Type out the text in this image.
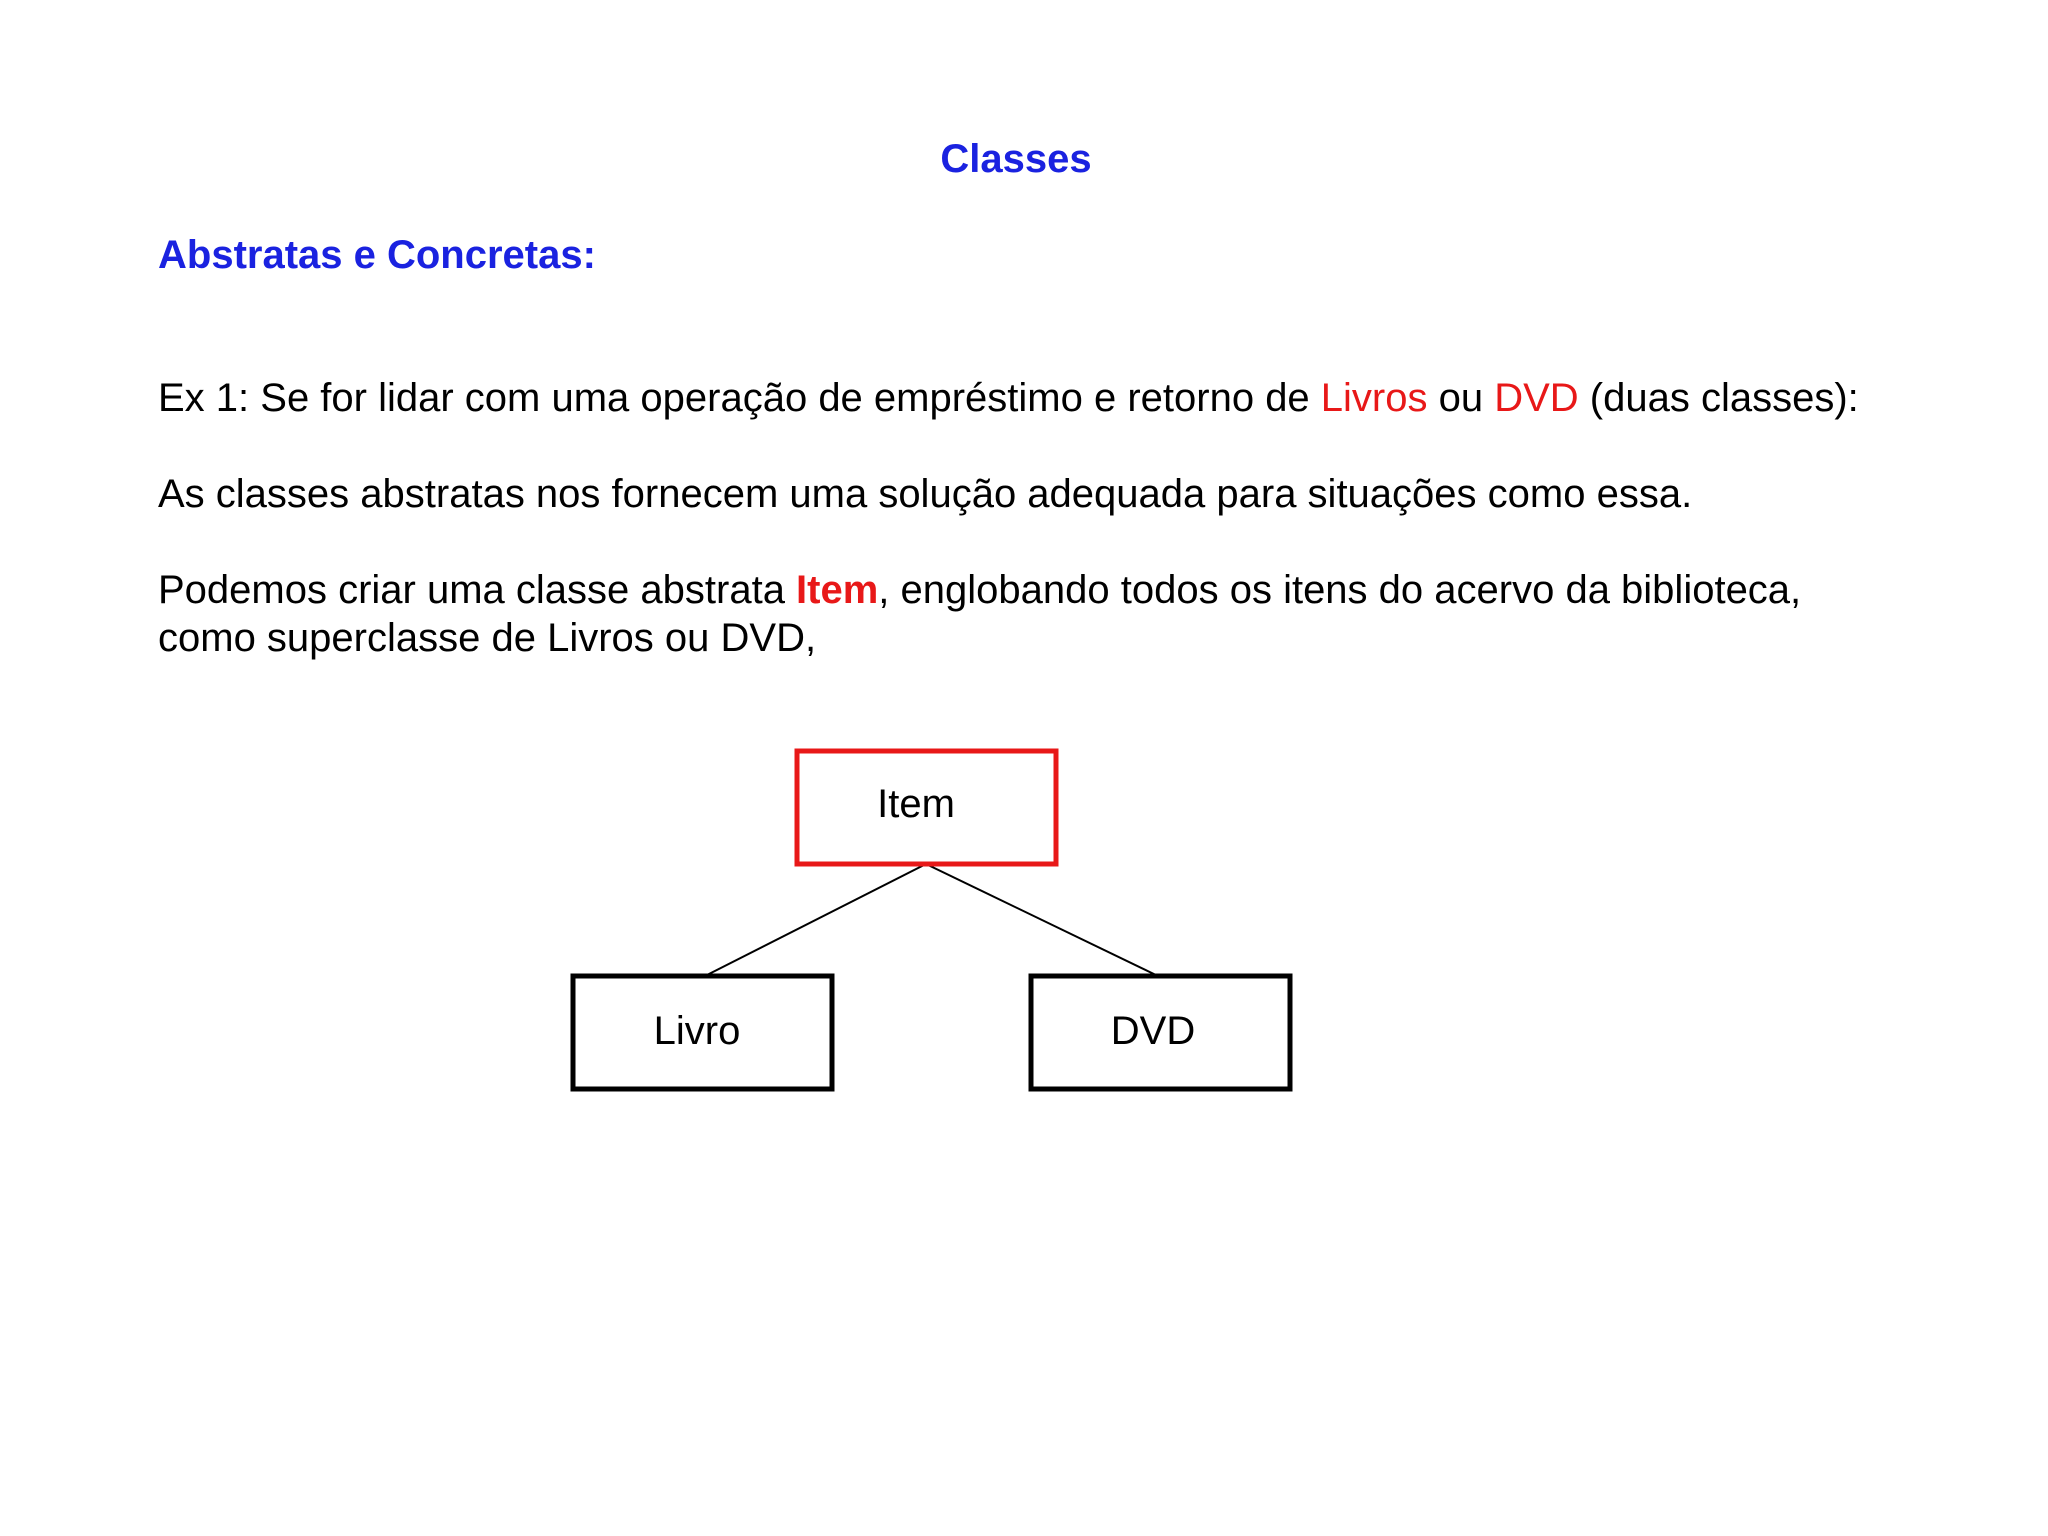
Classes
Abstratas e Concretas:
Ex 1: Se for lidar com uma operação de empréstimo e retorno de Livros ou DVD (duas classes):
As classes abstratas nos fornecem uma solução adequada para situações como essa.
Podemos criar uma classe abstrata Item, englobando todos os itens do acervo da biblioteca,
como superclasse de Livros ou DVD,
Item
Livro	DVD
